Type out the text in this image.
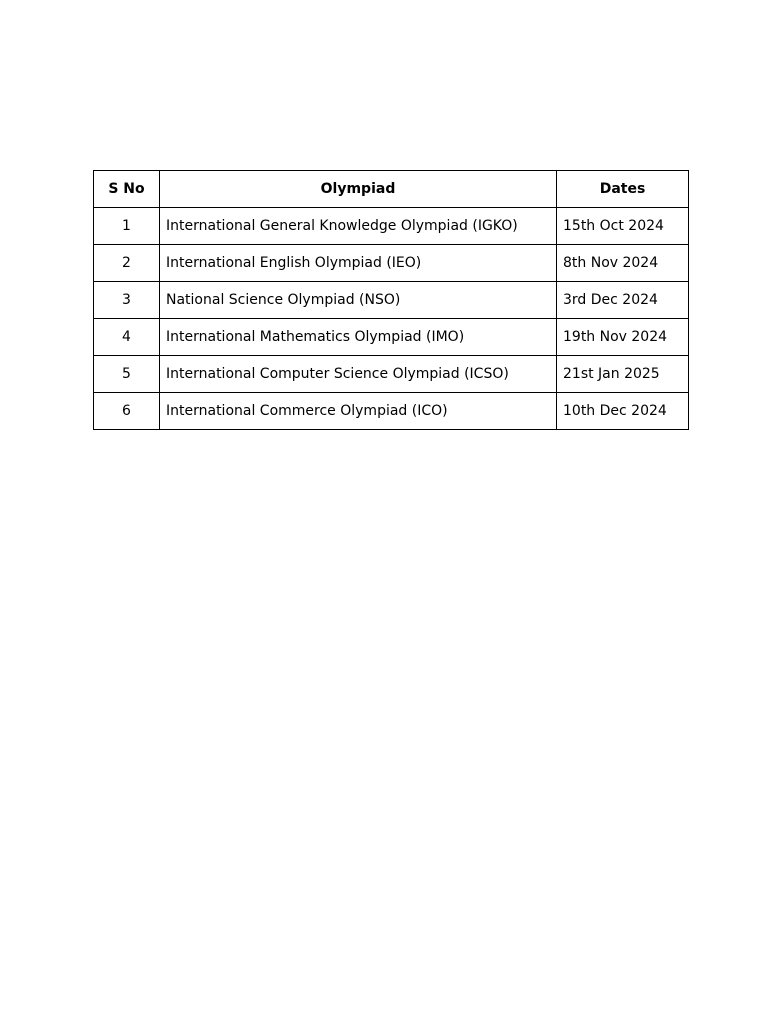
S No	Olympiad	Dates
1	International General Knowledge Olympiad (IGKO)	15th Oct 2024
2	International English Olympiad (IEO)	8th Nov 2024
3	National Science Olympiad (NSO)	3rd Dec 2024
4	International Mathematics Olympiad (IMO)	19th Nov 2024
5	International Computer Science Olympiad (ICSO)	21st Jan 2025
6	International Commerce Olympiad (ICO)	10th Dec 2024
